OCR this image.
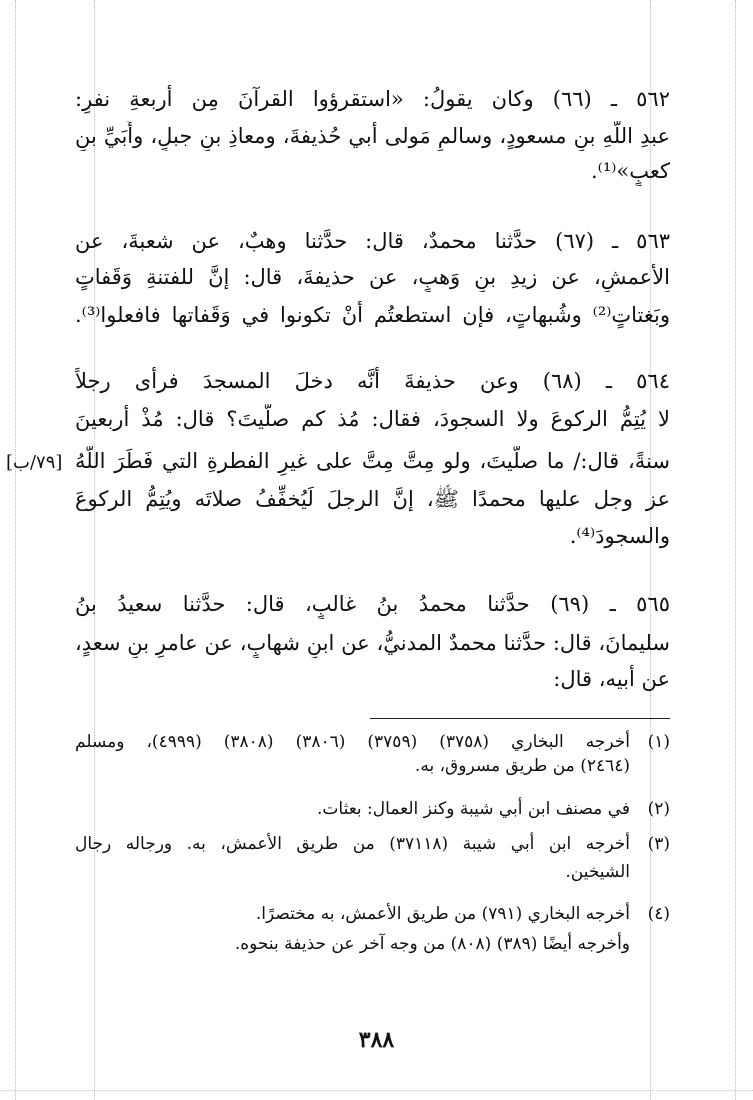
٥٦٢ ـ (٦٦) وكان يقولُ: «استقرؤوا القرآنَ مِن أربعةِ نفرٍ:
عبدِ اللّهِ بنِ مسعودٍ، وسالمٍ مَولى أبي حُذيفةَ، ومعاذِ بنِ جبلٍ، وأُبَيِّ بنِ
كعبٍ»⁽¹⁾.
٥٦٣ ـ (٦٧) حدَّثنا محمدٌ، قال: حدَّثنا وهبٌ، عن شعبةَ، عن
الأعمشِ، عن زيدِ بنِ وَهبٍ، عن حذيفةَ، قال: إنَّ للفتنةِ وَقَفاتٍ
وبَغتاتٍ⁽²⁾ وشُبهاتٍ، فإن استطعتُم أنْ تكونوا في وَقَفاتها فافعلوا⁽³⁾.
٥٦٤ ـ (٦٨) وعن حذيفةَ أنَّه دخلَ المسجدَ فرأى رجلاً
لا يُتِمُّ الركوعَ ولا السجودَ، فقال: مُذ كم صلَّيتَ؟ قال: مُذْ أربعينَ
سنةً، قال:/ ما صلَّيتَ، ولو مِتَّ مِتَّ على غيرِ الفطرةِ التي فَطَرَ اللّهُ
عز وجل عليها محمدًا ﷺ، إنَّ الرجلَ لَيُخفِّفُ صلاتَه ويُتِمُّ الركوعَ
والسجودَ⁽⁴⁾.
[٧٩/ب]
٥٦٥ ـ (٦٩) حدَّثنا محمدُ بنُ غالبٍ، قال: حدَّثنا سعيدُ بنُ
سليمانَ، قال: حدَّثنا محمدٌ المدنيُّ، عن ابنِ شهابٍ، عن عامرِ بنِ سعدٍ،
عن أبيه، قال:
(١)
أخرجه البخاري (٣٧٥٨) (٣٧٥٩) (٣٨٠٦) (٣٨٠٨) (٤٩٩٩)، ومسلم
(٢٤٦٤) من طريق مسروق، به.
(٢)
في مصنف ابن أبي شيبة وكنز العمال: بعثات.
(٣)
أخرجه ابن أبي شيبة (٣٧١١٨) من طريق الأعمش، به. ورجاله رجال
الشيخين.
(٤)
أخرجه البخاري (٧٩١) من طريق الأعمش، به مختصرًا.
وأخرجه أيضًا (٣٨٩) (٨٠٨) من وجه آخر عن حذيفة بنحوه.
٣٨٨
